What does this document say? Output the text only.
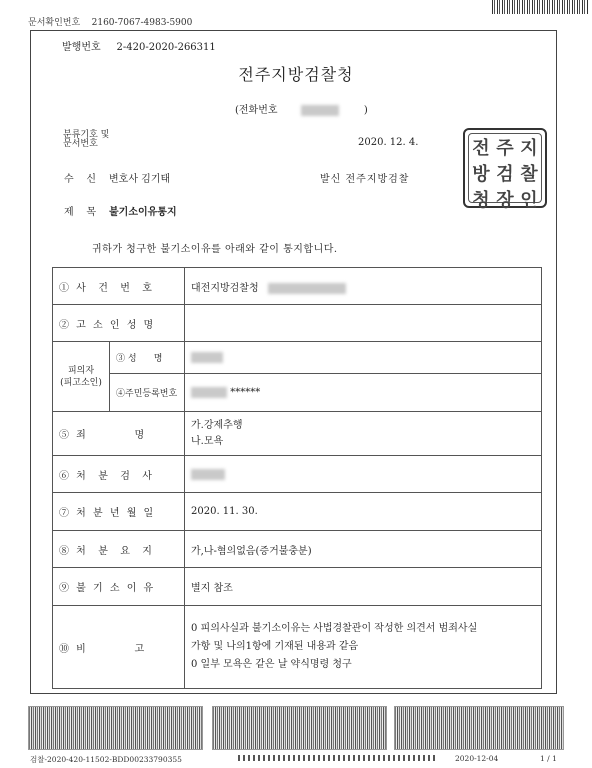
문서확인번호 2160-7067-4983-5900
발행번호 2-420-2020-266311
전주지방검찰청
(전화번호	)
분류기호 및
문서번호	2020. 12. 4.	전 주 지
방 검 찰
청 장 인
수    신 변호사 김기태	발신 전주지방검찰
제    목 불기소이유통지
귀하가 청구한 불기소이유를 아래와 같이 통지합니다.
① 사  건  번  호		대전지방검찰청
② 고 소 인 성 명		
피의자
(피고소인)	③ 성      명	
	④주민등록번호	******
⑤ 죄         명		가.강제추행
나.모욕

⑥ 처  분  검  사		
⑦ 처 분 년 월 일		2020. 11. 30.
⑧ 처  분  요  지		가,나-혐의없음(증거불충분)
⑨ 불 기 소 이 유		별지 참조
⑩ 비         고		0 피의사실과 불기소이유는 사법경찰관이 작성한 의견서 범죄사실
가항 및 나의1항에 기재된 내용과 같음
0 일부 모욕은 같은 날 약식명령 청구
검찰-2020-420-11502-BDD00233790355	2020-12-04	1 / 1
